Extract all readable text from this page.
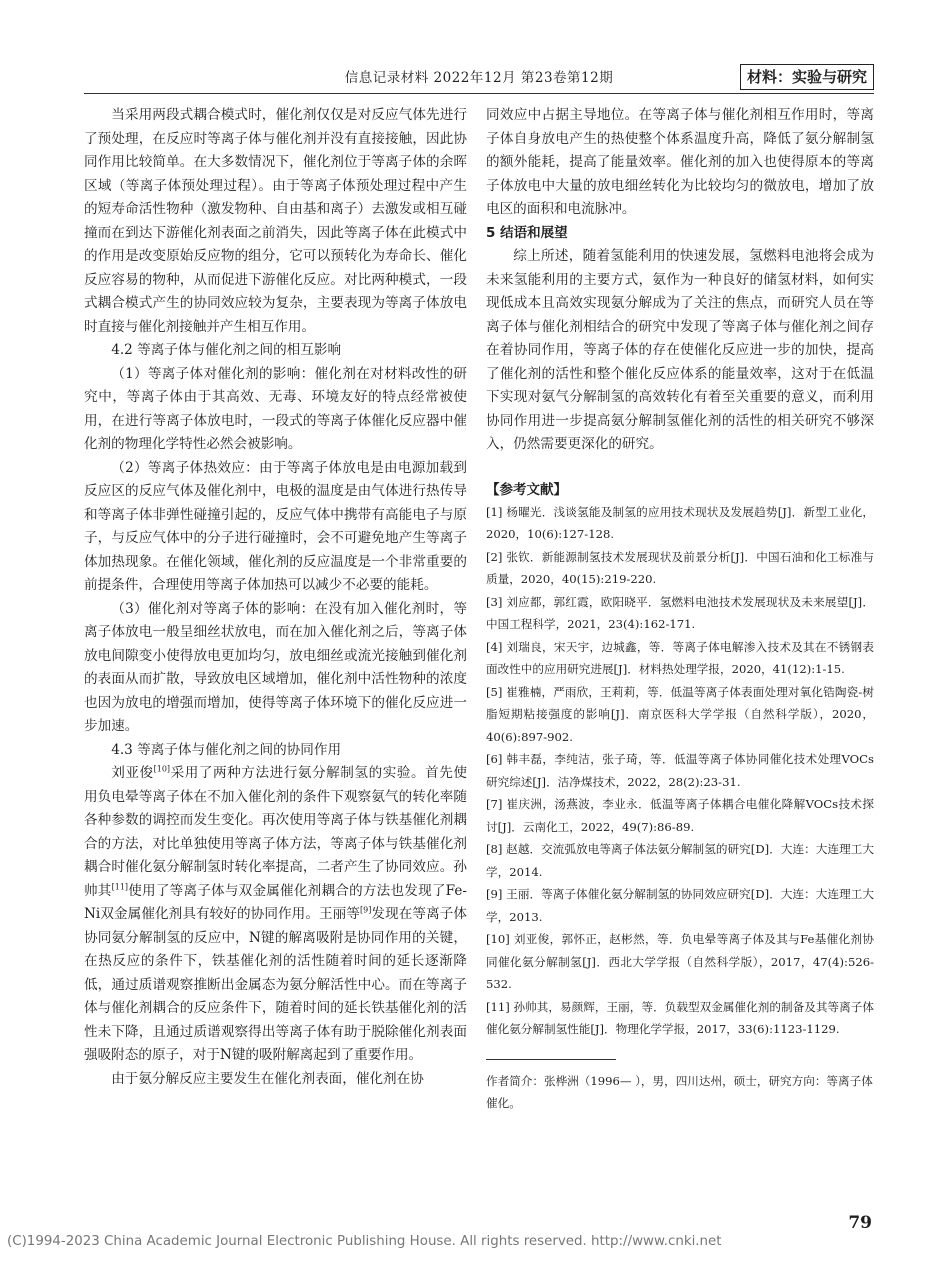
信息记录材料 2022年12月 第23卷第12期	材料：实验与研究

当采用两段式耦合模式时，催化剂仅仅是对反应气体先进行了预处理，在反应时等离子体与催化剂并没有直接接触，因此协同作用比较简单。在大多数情况下，催化剂位于等离子体的余晖区域（等离子体预处理过程）。由于等离子体预处理过程中产生的短寿命活性物种（激发物种、自由基和离子）去激发或相互碰撞而在到达下游催化剂表面之前消失，因此等离子体在此模式中的作用是改变原始反应物的组分，它可以预转化为寿命长、催化反应容易的物种，从而促进下游催化反应。对比两种模式，一段式耦合模式产生的协同效应较为复杂，主要表现为等离子体放电时直接与催化剂接触并产生相互作用。

4.2 等离子体与催化剂之间的相互影响

（1）等离子体对催化剂的影响：催化剂在对材料改性的研究中，等离子体由于其高效、无毒、环境友好的特点经常被使用，在进行等离子体放电时，一段式的等离子体催化反应器中催化剂的物理化学特性必然会被影响。

（2）等离子体热效应：由于等离子体放电是由电源加载到反应区的反应气体及催化剂中，电极的温度是由气体进行热传导和等离子体非弹性碰撞引起的，反应气体中携带有高能电子与原子，与反应气体中的分子进行碰撞时，会不可避免地产生等离子体加热现象。在催化领域，催化剂的反应温度是一个非常重要的前提条件，合理使用等离子体加热可以减少不必要的能耗。

（3）催化剂对等离子体的影响：在没有加入催化剂时，等离子体放电一般呈细丝状放电，而在加入催化剂之后，等离子体放电间隙变小使得放电更加均匀，放电细丝或流光接触到催化剂的表面从而扩散，导致放电区域增加，催化剂中活性物种的浓度也因为放电的增强而增加，使得等离子体环境下的催化反应进一步加速。

4.3 等离子体与催化剂之间的协同作用

刘亚俊[10]采用了两种方法进行氨分解制氢的实验。首先使用负电晕等离子体在不加入催化剂的条件下观察氨气的转化率随各种参数的调控而发生变化。再次使用等离子体与铁基催化剂耦合的方法，对比单独使用等离子体方法，等离子体与铁基催化剂耦合时催化氨分解制氢时转化率提高，二者产生了协同效应。孙帅其[11]使用了等离子体与双金属催化剂耦合的方法也发现了Fe-Ni双金属催化剂具有较好的协同作用。王丽等[9]发现在等离子体协同氨分解制氢的反应中，N键的解离吸附是协同作用的关键，在热反应的条件下，铁基催化剂的活性随着时间的延长逐渐降低，通过质谱观察推断出金属态为氨分解活性中心。而在等离子体与催化剂耦合的反应条件下，随着时间的延长铁基催化剂的活性未下降，且通过质谱观察得出等离子体有助于脱除催化剂表面强吸附态的原子，对于N键的吸附解离起到了重要作用。

由于氨分解反应主要发生在催化剂表面，催化剂在协

同效应中占据主导地位。在等离子体与催化剂相互作用时，等离子体自身放电产生的热使整个体系温度升高，降低了氨分解制氢的额外能耗，提高了能量效率。催化剂的加入也使得原本的等离子体放电中大量的放电细丝转化为比较均匀的微放电，增加了放电区的面积和电流脉冲。

5 结语和展望

综上所述，随着氢能利用的快速发展，氢燃料电池将会成为未来氢能利用的主要方式，氨作为一种良好的储氢材料，如何实现低成本且高效实现氨分解成为了关注的焦点，而研究人员在等离子体与催化剂相结合的研究中发现了等离子体与催化剂之间存在着协同作用，等离子体的存在使催化反应进一步的加快，提高了催化剂的活性和整个催化反应体系的能量效率，这对于在低温下实现对氨气分解制氢的高效转化有着至关重要的意义，而利用协同作用进一步提高氨分解制氢催化剂的活性的相关研究不够深入，仍然需要更深化的研究。

【参考文献】

[1] 杨曜光．浅谈氢能及制氢的应用技术现状及发展趋势[J]．新型工业化，2020，10(6):127-128.

[2] 张钦．新能源制氢技术发展现状及前景分析[J]．中国石油和化工标准与质量，2020，40(15):219-220.

[3] 刘应都，郭红霞，欧阳晓平．氢燃料电池技术发展现状及未来展望[J]．中国工程科学，2021，23(4):162-171.

[4] 刘瑞良，宋天宇，边城鑫，等．等离子体电解渗入技术及其在不锈钢表面改性中的应用研究进展[J]．材料热处理学报，2020，41(12):1-15.

[5] 崔雅楠，严雨欣，王莉莉，等．低温等离子体表面处理对氧化锆陶瓷-树脂短期粘接强度的影响[J]．南京医科大学学报（自然科学版），2020，40(6):897-902.

[6] 韩丰磊，李纯洁，张子琦，等．低温等离子体协同催化技术处理VOCs研究综述[J]．洁净煤技术，2022，28(2):23-31.

[7] 崔庆洲，汤燕波，李业永．低温等离子体耦合电催化降解VOCs技术探讨[J]．云南化工，2022，49(7):86-89.

[8] 赵越．交流弧放电等离子体法氨分解制氢的研究[D]．大连：大连理工大学，2014.

[9] 王丽．等离子体催化氨分解制氢的协同效应研究[D]．大连：大连理工大学，2013.

[10] 刘亚俊，郭怀正，赵彬然，等．负电晕等离子体及其与Fe基催化剂协同催化氨分解制氢[J]．西北大学学报（自然科学版），2017，47(4):526-532.

[11] 孙帅其，易颜辉，王丽，等．负载型双金属催化剂的制备及其等离子体催化氨分解制氢性能[J]．物理化学学报，2017，33(6):1123-1129.

作者简介：张桦洲（1996— ），男，四川达州，硕士，研究方向：等离子体催化。
79
(C)1994-2023 China Academic Journal Electronic Publishing House. All rights reserved. http://www.cnki.net
